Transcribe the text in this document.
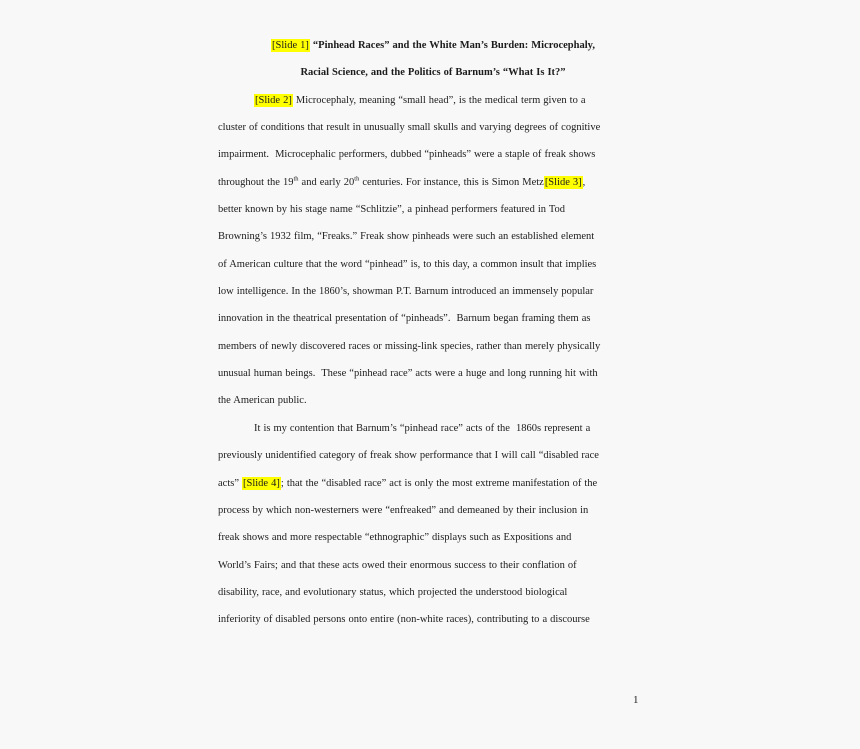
[Slide 1] “Pinhead Races” and the White Man’s Burden: Microcephaly,
Racial Science, and the Politics of Barnum’s “What Is It?”
[Slide 2] Microcephaly, meaning “small head”, is the medical term given to a
cluster of conditions that result in unusually small skulls and varying degrees of cognitive
impairment.  Microcephalic performers, dubbed “pinheads” were a staple of freak shows
throughout the 19th and early 20th centuries. For instance, this is Simon Metz[Slide 3],
better known by his stage name “Schlitzie”, a pinhead performers featured in Tod
Browning’s 1932 film, “Freaks.” Freak show pinheads were such an established element
of American culture that the word “pinhead” is, to this day, a common insult that implies
low intelligence. In the 1860’s, showman P.T. Barnum introduced an immensely popular
innovation in the theatrical presentation of “pinheads”.  Barnum began framing them as
members of newly discovered races or missing-link species, rather than merely physically
unusual human beings.  These “pinhead race” acts were a huge and long running hit with
the American public.
It is my contention that Barnum’s “pinhead race” acts of the  1860s represent a
previously unidentified category of freak show performance that I will call “disabled race
acts” [Slide 4]; that the “disabled race” act is only the most extreme manifestation of the
process by which non-westerners were “enfreaked” and demeaned by their inclusion in
freak shows and more respectable “ethnographic” displays such as Expositions and
World’s Fairs; and that these acts owed their enormous success to their conflation of
disability, race, and evolutionary status, which projected the understood biological
inferiority of disabled persons onto entire (non-white races), contributing to a discourse
1
